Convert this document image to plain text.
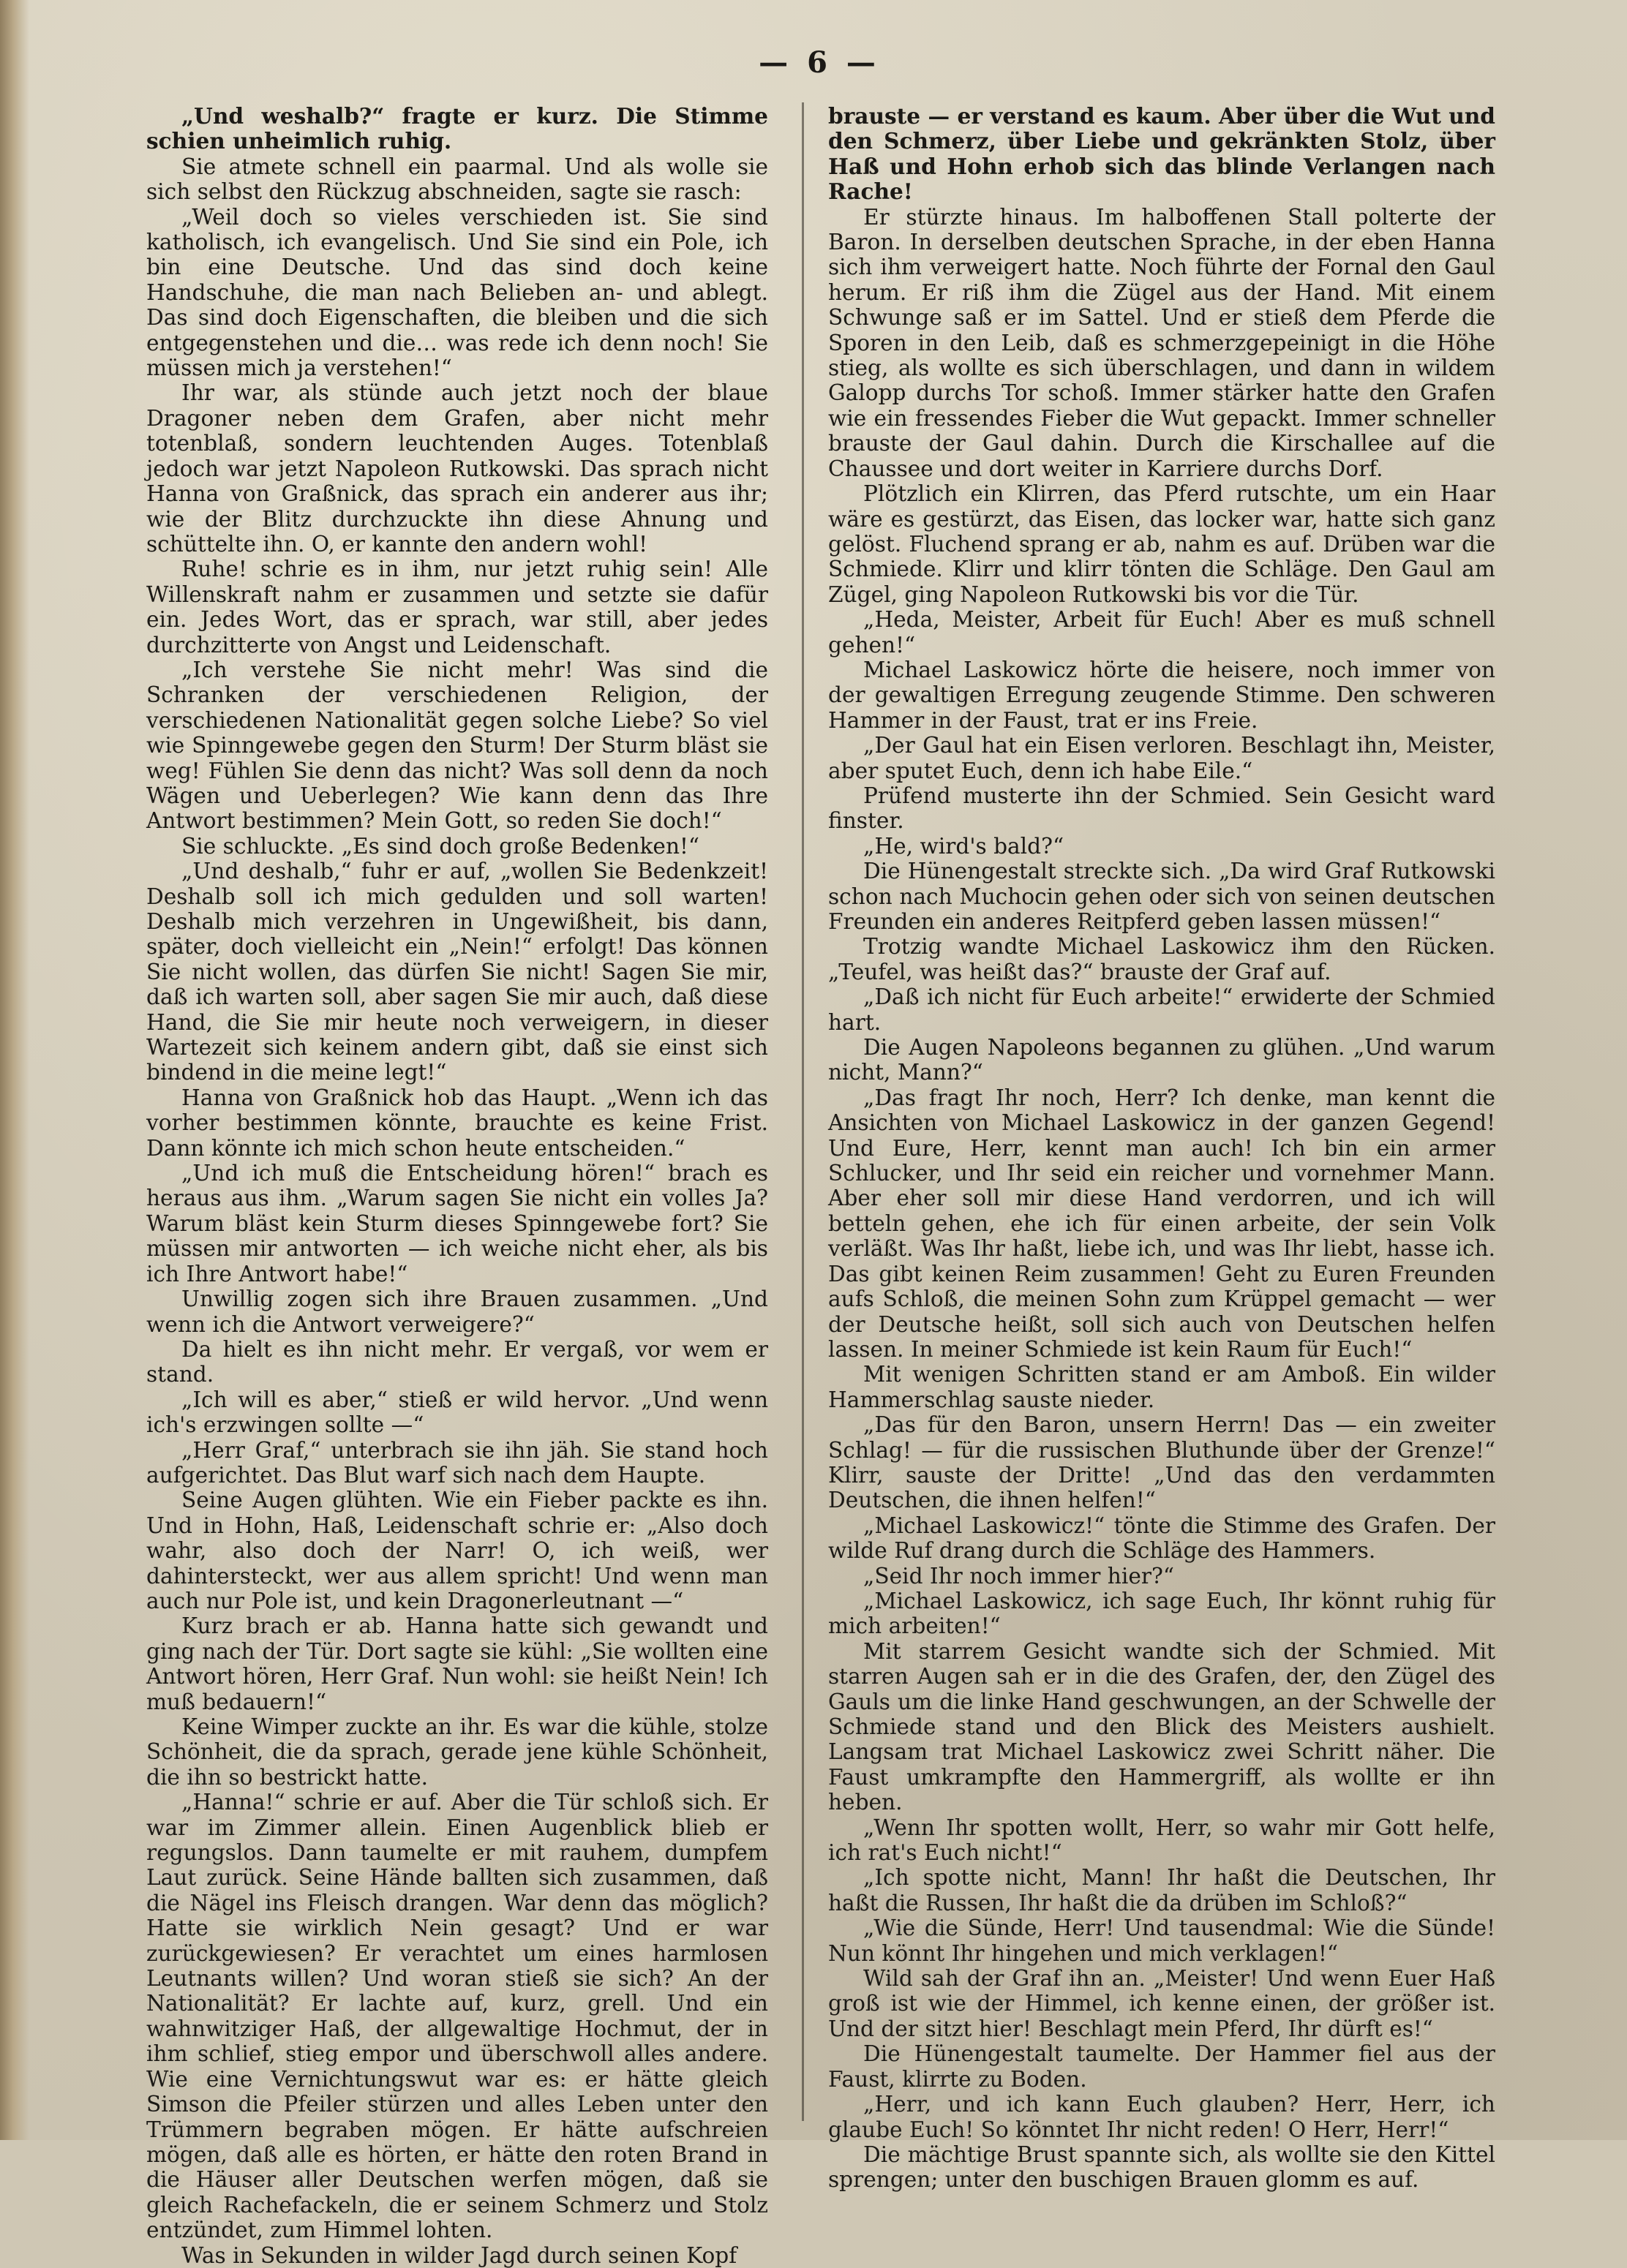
— 6 —

„Und weshalb?“ fragte er kurz. Die Stimme schien unheimlich ruhig.

Sie atmete schnell ein paarmal. Und als wolle sie sich selbst den Rückzug abschneiden, sagte sie rasch:

„Weil doch so vieles verschieden ist. Sie sind katholisch, ich evangelisch. Und Sie sind ein Pole, ich bin eine Deutsche. Und das sind doch keine Handschuhe, die man nach Belieben an- und ablegt. Das sind doch Eigenschaften, die bleiben und die sich entgegenstehen und die… was rede ich denn noch! Sie müssen mich ja verstehen!“

Ihr war, als stünde auch jetzt noch der blaue Dragoner neben dem Grafen, aber nicht mehr totenblaß, sondern leuchtenden Auges. Totenblaß jedoch war jetzt Napoleon Rutkowski. Das sprach nicht Hanna von Graßnick, das sprach ein anderer aus ihr; wie der Blitz durchzuckte ihn diese Ahnung und schüttelte ihn. O, er kannte den andern wohl!

Ruhe! schrie es in ihm, nur jetzt ruhig sein! Alle Willenskraft nahm er zusammen und setzte sie dafür ein. Jedes Wort, das er sprach, war still, aber jedes durchzitterte von Angst und Leidenschaft.

„Ich verstehe Sie nicht mehr! Was sind die Schranken der verschiedenen Religion, der verschiedenen Nationalität gegen solche Liebe? So viel wie Spinngewebe gegen den Sturm! Der Sturm bläst sie weg! Fühlen Sie denn das nicht? Was soll denn da noch Wägen und Ueberlegen? Wie kann denn das Ihre Antwort bestimmen? Mein Gott, so reden Sie doch!“

Sie schluckte. „Es sind doch große Bedenken!“

„Und deshalb,“ fuhr er auf, „wollen Sie Bedenkzeit! Deshalb soll ich mich gedulden und soll warten! Deshalb mich verzehren in Ungewißheit, bis dann, später, doch vielleicht ein „Nein!“ erfolgt! Das können Sie nicht wollen, das dürfen Sie nicht! Sagen Sie mir, daß ich warten soll, aber sagen Sie mir auch, daß diese Hand, die Sie mir heute noch verweigern, in dieser Wartezeit sich keinem andern gibt, daß sie einst sich bindend in die meine legt!“

Hanna von Graßnick hob das Haupt. „Wenn ich das vorher bestimmen könnte, brauchte es keine Frist. Dann könnte ich mich schon heute entscheiden.“

„Und ich muß die Entscheidung hören!“ brach es heraus aus ihm. „Warum sagen Sie nicht ein volles Ja? Warum bläst kein Sturm dieses Spinngewebe fort? Sie müssen mir antworten — ich weiche nicht eher, als bis ich Ihre Antwort habe!“

Unwillig zogen sich ihre Brauen zusammen. „Und wenn ich die Antwort verweigere?“

Da hielt es ihn nicht mehr. Er vergaß, vor wem er stand.

„Ich will es aber,“ stieß er wild hervor. „Und wenn ich's erzwingen sollte —“

„Herr Graf,“ unterbrach sie ihn jäh. Sie stand hoch aufgerichtet. Das Blut warf sich nach dem Haupte.

Seine Augen glühten. Wie ein Fieber packte es ihn. Und in Hohn, Haß, Leidenschaft schrie er: „Also doch wahr, also doch der Narr! O, ich weiß, wer dahintersteckt, wer aus allem spricht! Und wenn man auch nur Pole ist, und kein Dragonerleutnant —“

Kurz brach er ab. Hanna hatte sich gewandt und ging nach der Tür. Dort sagte sie kühl: „Sie wollten eine Antwort hören, Herr Graf. Nun wohl: sie heißt Nein! Ich muß bedauern!“

Keine Wimper zuckte an ihr. Es war die kühle, stolze Schönheit, die da sprach, gerade jene kühle Schönheit, die ihn so bestrickt hatte.

„Hanna!“ schrie er auf. Aber die Tür schloß sich. Er war im Zimmer allein. Einen Augenblick blieb er regungslos. Dann taumelte er mit rauhem, dumpfem Laut zurück. Seine Hände ballten sich zusammen, daß die Nägel ins Fleisch drangen. War denn das möglich? Hatte sie wirklich Nein gesagt? Und er war zurückgewiesen? Er verachtet um eines harmlosen Leutnants willen? Und woran stieß sie sich? An der Nationalität? Er lachte auf, kurz, grell. Und ein wahnwitziger Haß, der allgewaltige Hochmut, der in ihm schlief, stieg empor und überschwoll alles andere. Wie eine Vernichtungswut war es: er hätte gleich Simson die Pfeiler stürzen und alles Leben unter den Trümmern begraben mögen. Er hätte aufschreien mögen, daß alle es hörten, er hätte den roten Brand in die Häuser aller Deutschen werfen mögen, daß sie gleich Rachefackeln, die er seinem Schmerz und Stolz entzündet, zum Himmel lohten.

Was in Sekunden in wilder Jagd durch seinen Kopf

brauste — er verstand es kaum. Aber über die Wut und den Schmerz, über Liebe und gekränkten Stolz, über Haß und Hohn erhob sich das blinde Verlangen nach Rache!

Er stürzte hinaus. Im halboffenen Stall polterte der Baron. In derselben deutschen Sprache, in der eben Hanna sich ihm verweigert hatte. Noch führte der Fornal den Gaul herum. Er riß ihm die Zügel aus der Hand. Mit einem Schwunge saß er im Sattel. Und er stieß dem Pferde die Sporen in den Leib, daß es schmerzgepeinigt in die Höhe stieg, als wollte es sich überschlagen, und dann in wildem Galopp durchs Tor schoß. Immer stärker hatte den Grafen wie ein fressendes Fieber die Wut gepackt. Immer schneller brauste der Gaul dahin. Durch die Kirschallee auf die Chaussee und dort weiter in Karriere durchs Dorf.

Plötzlich ein Klirren, das Pferd rutschte, um ein Haar wäre es gestürzt, das Eisen, das locker war, hatte sich ganz gelöst. Fluchend sprang er ab, nahm es auf. Drüben war die Schmiede. Klirr und klirr tönten die Schläge. Den Gaul am Zügel, ging Napoleon Rutkowski bis vor die Tür.

„Heda, Meister, Arbeit für Euch! Aber es muß schnell gehen!“

Michael Laskowicz hörte die heisere, noch immer von der gewaltigen Erregung zeugende Stimme. Den schweren Hammer in der Faust, trat er ins Freie.

„Der Gaul hat ein Eisen verloren. Beschlagt ihn, Meister, aber sputet Euch, denn ich habe Eile.“

Prüfend musterte ihn der Schmied. Sein Gesicht ward finster.

„He, wird's bald?“

Die Hünengestalt streckte sich. „Da wird Graf Rutkowski schon nach Muchocin gehen oder sich von seinen deutschen Freunden ein anderes Reitpferd geben lassen müssen!“

Trotzig wandte Michael Laskowicz ihm den Rücken. „Teufel, was heißt das?“ brauste der Graf auf.

„Daß ich nicht für Euch arbeite!“ erwiderte der Schmied hart.

Die Augen Napoleons begannen zu glühen. „Und warum nicht, Mann?“

„Das fragt Ihr noch, Herr? Ich denke, man kennt die Ansichten von Michael Laskowicz in der ganzen Gegend! Und Eure, Herr, kennt man auch! Ich bin ein armer Schlucker, und Ihr seid ein reicher und vornehmer Mann. Aber eher soll mir diese Hand verdorren, und ich will betteln gehen, ehe ich für einen arbeite, der sein Volk verläßt. Was Ihr haßt, liebe ich, und was Ihr liebt, hasse ich. Das gibt keinen Reim zusammen! Geht zu Euren Freunden aufs Schloß, die meinen Sohn zum Krüppel gemacht — wer der Deutsche heißt, soll sich auch von Deutschen helfen lassen. In meiner Schmiede ist kein Raum für Euch!“

Mit wenigen Schritten stand er am Amboß. Ein wilder Hammerschlag sauste nieder.

„Das für den Baron, unsern Herrn! Das — ein zweiter Schlag! — für die russischen Bluthunde über der Grenze!“ Klirr, sauste der Dritte! „Und das den verdammten Deutschen, die ihnen helfen!“

„Michael Laskowicz!“ tönte die Stimme des Grafen. Der wilde Ruf drang durch die Schläge des Hammers.

„Seid Ihr noch immer hier?“

„Michael Laskowicz, ich sage Euch, Ihr könnt ruhig für mich arbeiten!“

Mit starrem Gesicht wandte sich der Schmied. Mit starren Augen sah er in die des Grafen, der, den Zügel des Gauls um die linke Hand geschwungen, an der Schwelle der Schmiede stand und den Blick des Meisters aushielt. Langsam trat Michael Laskowicz zwei Schritt näher. Die Faust umkrampfte den Hammergriff, als wollte er ihn heben.

„Wenn Ihr spotten wollt, Herr, so wahr mir Gott helfe, ich rat's Euch nicht!“

„Ich spotte nicht, Mann! Ihr haßt die Deutschen, Ihr haßt die Russen, Ihr haßt die da drüben im Schloß?“

„Wie die Sünde, Herr! Und tausendmal: Wie die Sünde! Nun könnt Ihr hingehen und mich verklagen!“

Wild sah der Graf ihn an. „Meister! Und wenn Euer Haß groß ist wie der Himmel, ich kenne einen, der größer ist. Und der sitzt hier! Beschlagt mein Pferd, Ihr dürft es!“

Die Hünengestalt taumelte. Der Hammer fiel aus der Faust, klirrte zu Boden.

„Herr, und ich kann Euch glauben? Herr, Herr, ich glaube Euch! So könntet Ihr nicht reden! O Herr, Herr!“

Die mächtige Brust spannte sich, als wollte sie den Kittel sprengen; unter den buschigen Brauen glomm es auf.
